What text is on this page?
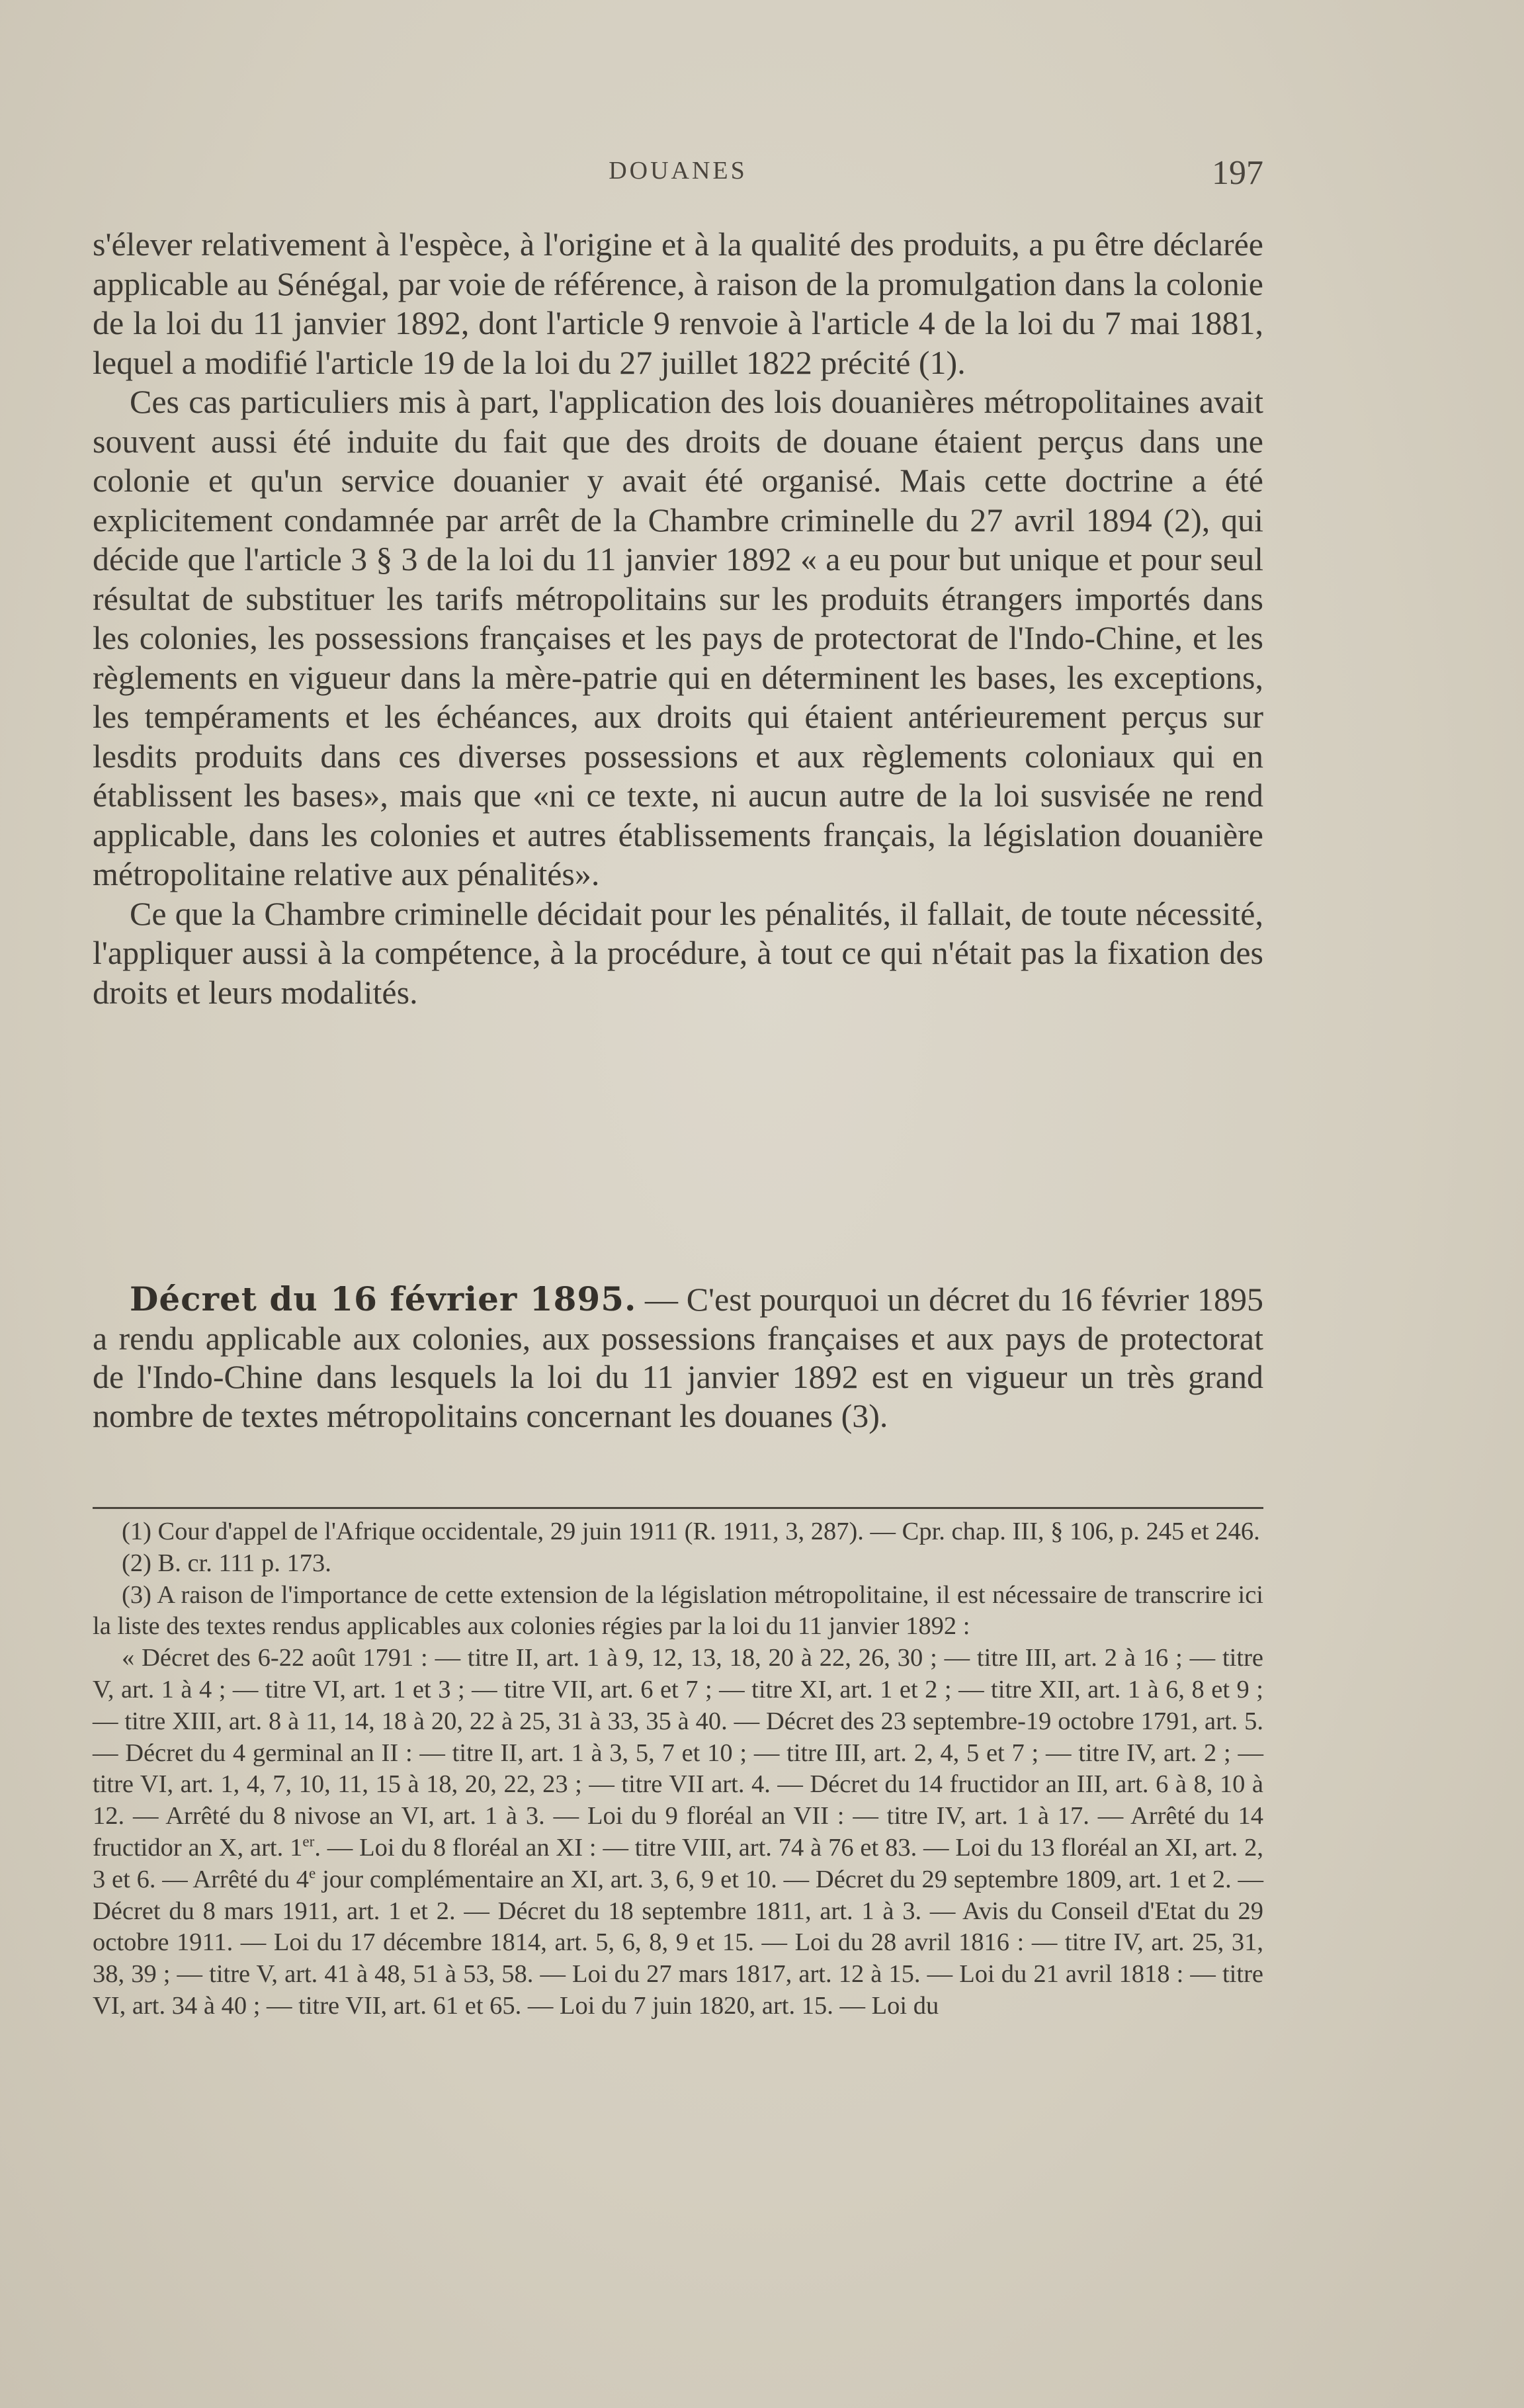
DOUANES	197

s'élever relativement à l'espèce, à l'origine et à la qualité des produits, a pu être déclarée applicable au Sénégal, par voie de référence, à raison de la promulgation dans la colonie de la loi du 11 janvier 1892, dont l'article 9 renvoie à l'article 4 de la loi du 7 mai 1881, lequel a modifié l'article 19 de la loi du 27 juillet 1822 précité (1).

Ces cas particuliers mis à part, l'application des lois douanières métropolitaines avait souvent aussi été induite du fait que des droits de douane étaient perçus dans une colonie et qu'un service douanier y avait été organisé. Mais cette doctrine a été explicitement condamnée par arrêt de la Chambre criminelle du 27 avril 1894 (2), qui décide que l'article 3 § 3 de la loi du 11 janvier 1892 « a eu pour but unique et pour seul résultat de substituer les tarifs métropolitains sur les produits étrangers importés dans les colonies, les possessions françaises et les pays de protectorat de l'Indo-Chine, et les règlements en vigueur dans la mère-patrie qui en déterminent les bases, les exceptions, les tempéraments et les échéances, aux droits qui étaient antérieurement perçus sur lesdits produits dans ces diverses possessions et aux règlements coloniaux qui en établissent les bases», mais que «ni ce texte, ni aucun autre de la loi susvisée ne rend applicable, dans les colonies et autres établissements français, la législation douanière métropolitaine relative aux pénalités».

Ce que la Chambre criminelle décidait pour les pénalités, il fallait, de toute nécessité, l'appliquer aussi à la compétence, à la procédure, à tout ce qui n'était pas la fixation des droits et leurs modalités.

Décret du 16 février 1895. — C'est pourquoi un décret du 16 février 1895 a rendu applicable aux colonies, aux possessions françaises et aux pays de protectorat de l'Indo-Chine dans lesquels la loi du 11 janvier 1892 est en vigueur un très grand nombre de textes métropolitains concernant les douanes (3).

(1) Cour d'appel de l'Afrique occidentale, 29 juin 1911 (R. 1911, 3, 287). — Cpr. chap. III, § 106, p. 245 et 246.

(2) B. cr. 111 p. 173.

(3) A raison de l'importance de cette extension de la législation métropolitaine, il est nécessaire de transcrire ici la liste des textes rendus applicables aux colonies régies par la loi du 11 janvier 1892 :

« Décret des 6-22 août 1791 : — titre II, art. 1 à 9, 12, 13, 18, 20 à 22, 26, 30 ; — titre III, art. 2 à 16 ; — titre V, art. 1 à 4 ; — titre VI, art. 1 et 3 ; — titre VII, art. 6 et 7 ; — titre XI, art. 1 et 2 ; — titre XII, art. 1 à 6, 8 et 9 ; — titre XIII, art. 8 à 11, 14, 18 à 20, 22 à 25, 31 à 33, 35 à 40. — Décret des 23 septembre-19 octobre 1791, art. 5. — Décret du 4 germinal an II : — titre II, art. 1 à 3, 5, 7 et 10 ; — titre III, art. 2, 4, 5 et 7 ; — titre IV, art. 2 ; — titre VI, art. 1, 4, 7, 10, 11, 15 à 18, 20, 22, 23 ; — titre VII art. 4. — Décret du 14 fructidor an III, art. 6 à 8, 10 à 12. — Arrêté du 8 nivose an VI, art. 1 à 3. — Loi du 9 floréal an VII : — titre IV, art. 1 à 17. — Arrêté du 14 fructidor an X, art. 1er. — Loi du 8 floréal an XI : — titre VIII, art. 74 à 76 et 83. — Loi du 13 floréal an XI, art. 2, 3 et 6. — Arrêté du 4e jour complémentaire an XI, art. 3, 6, 9 et 10. — Décret du 29 septembre 1809, art. 1 et 2. — Décret du 8 mars 1911, art. 1 et 2. — Décret du 18 septembre 1811, art. 1 à 3. — Avis du Conseil d'Etat du 29 octobre 1911. — Loi du 17 décembre 1814, art. 5, 6, 8, 9 et 15. — Loi du 28 avril 1816 : — titre IV, art. 25, 31, 38, 39 ; — titre V, art. 41 à 48, 51 à 53, 58. — Loi du 27 mars 1817, art. 12 à 15. — Loi du 21 avril 1818 : — titre VI, art. 34 à 40 ; — titre VII, art. 61 et 65. — Loi du 7 juin 1820, art. 15. — Loi du
